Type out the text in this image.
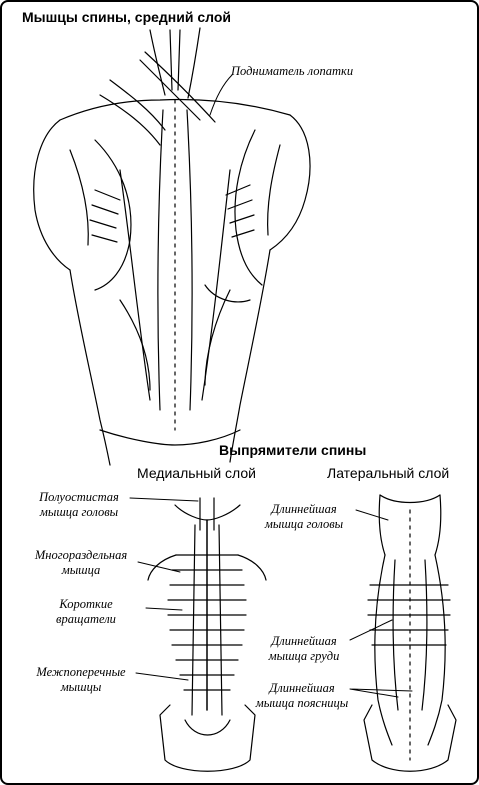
Мышцы спины, средний слой
Подниматель лопатки
Выпрямители спины
Медиальный слой	Латеральный слой
Полуостистая
мышца головы
Многораздельная
мышца
Короткие
вращатели
Межпоперечные
мышцы
Длиннейшая
мышца головы
Длиннейшая
мышца груди
Длиннейшая
мышца поясницы
